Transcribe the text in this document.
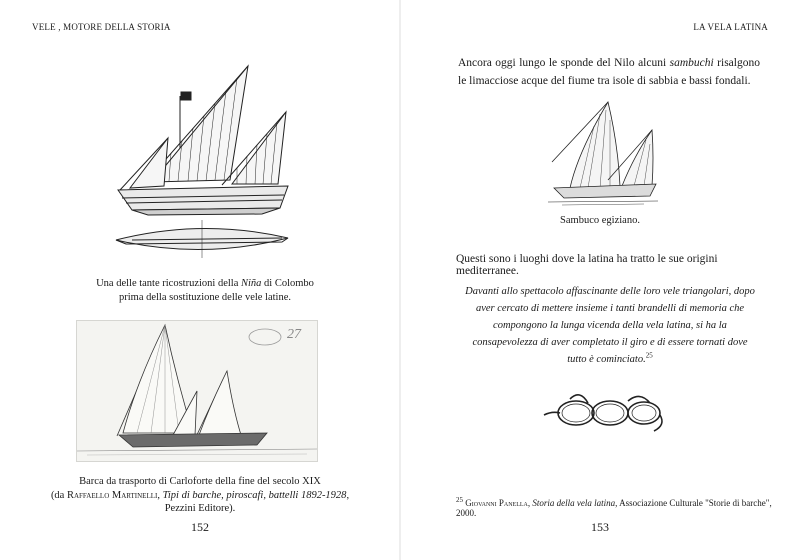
VELE , MOTORE DELLA STORIA
Una delle tante ricostruzioni della Niña di Colombo
prima della sostituzione delle vele latine.
27
Barca da trasporto di Carloforte della fine del secolo XIX
(da Raffaello Martinelli, Tipi di barche, piroscafi, battelli 1892-1928,
Pezzini Editore).
152
LA VELA LATINA
Ancora oggi lungo le sponde del Nilo alcuni sambuchi risalgono le limacciose acque del fiume tra isole di sabbia e bassi fondali.
Sambuco egiziano.
Questi sono i luoghi dove la latina ha tratto le sue origini mediterranee.
Davanti allo spettacolo affascinante delle loro vele triangolari, dopo aver cercato di mettere insieme i tanti brandelli di memoria che compongono la lunga vicenda della vela latina, si ha la consapevolezza di aver completato il giro e di essere tornati dove tutto è cominciato.$^{25}$
$^{25}$ Giovanni Panella, Storia della vela latina, Associazione Culturale "Storie di barche", 2000.
153
